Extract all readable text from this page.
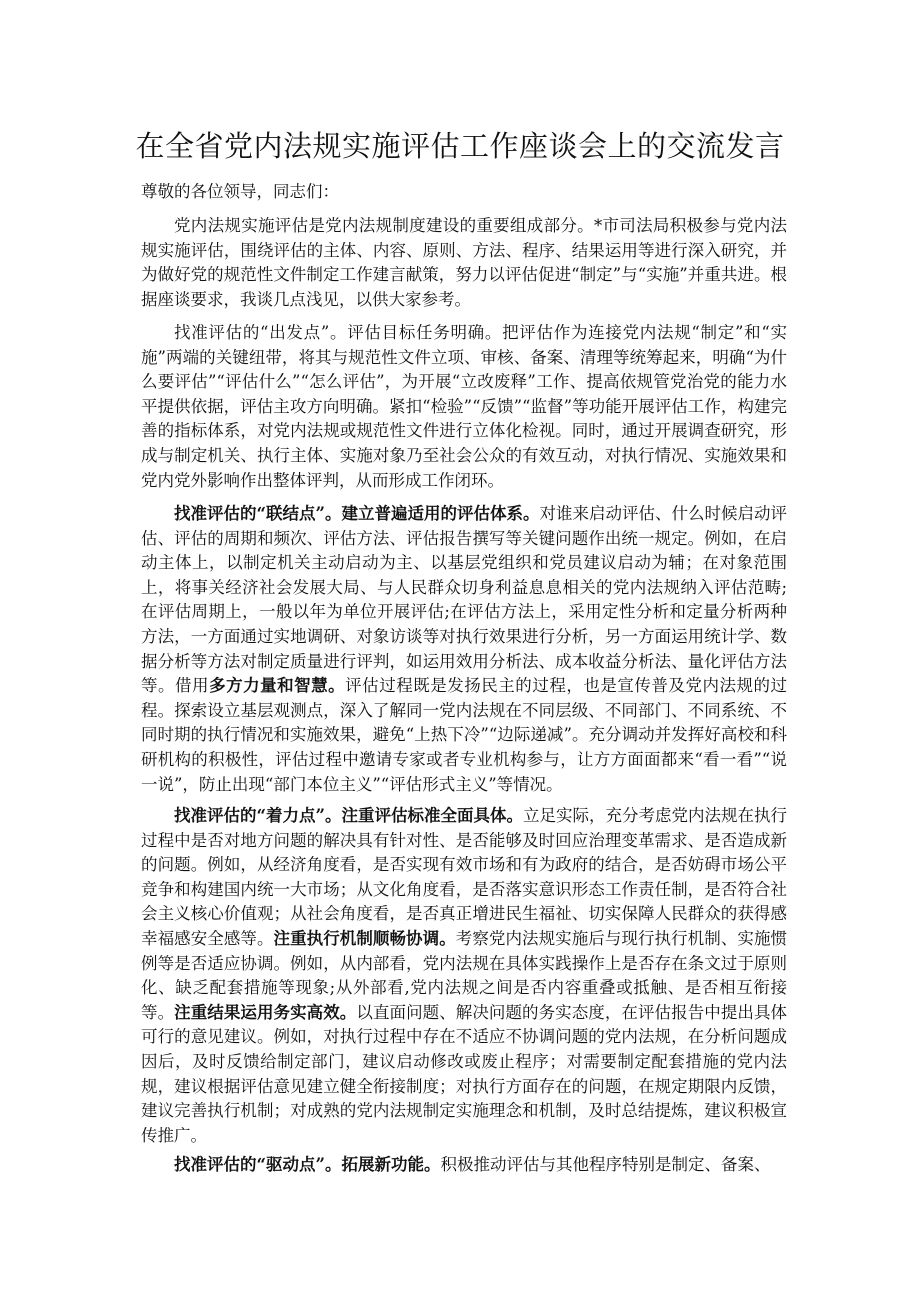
在全省党内法规实施评估工作座谈会上的交流发言
尊敬的各位领导，同志们：

党内法规实施评估是党内法规制度建设的重要组成部分。*市司法局积极参与党内法规实施评估，围绕评估的主体、内容、原则、方法、程序、结果运用等进行深入研究，并为做好党的规范性文件制定工作建言献策，努力以评估促进“制定”与“实施”并重共进。根据座谈要求，我谈几点浅见，以供大家参考。

找准评估的“出发点”。评估目标任务明确。把评估作为连接党内法规“制定”和“实施”两端的关键纽带，将其与规范性文件立项、审核、备案、清理等统筹起来，明确“为什么要评估”“评估什么”“怎么评估”，为开展“立改废释”工作、提高依规管党治党的能力水平提供依据，评估主攻方向明确。紧扣“检验”“反馈”“监督”等功能开展评估工作，构建完善的指标体系，对党内法规或规范性文件进行立体化检视。同时，通过开展调查研究，形成与制定机关、执行主体、实施对象乃至社会公众的有效互动，对执行情况、实施效果和党内党外影响作出整体评判，从而形成工作闭环。

找准评估的“联结点”。建立普遍适用的评估体系。对谁来启动评估、什么时候启动评估、评估的周期和频次、评估方法、评估报告撰写等关键问题作出统一规定。例如，在启动主体上，以制定机关主动启动为主、以基层党组织和党员建议启动为辅；在对象范围上，将事关经济社会发展大局、与人民群众切身利益息息相关的党内法规纳入评估范畴;在评估周期上，一般以年为单位开展评估;在评估方法上，采用定性分析和定量分析两种方法，一方面通过实地调研、对象访谈等对执行效果进行分析，另一方面运用统计学、数据分析等方法对制定质量进行评判，如运用效用分析法、成本收益分析法、量化评估方法等。借用多方力量和智慧。评估过程既是发扬民主的过程，也是宣传普及党内法规的过程。探索设立基层观测点，深入了解同一党内法规在不同层级、不同部门、不同系统、不同时期的执行情况和实施效果，避免“上热下冷”“边际递减”。充分调动并发挥好高校和科研机构的积极性，评估过程中邀请专家或者专业机构参与，让方方面面都来“看一看”“说一说”，防止出现“部门本位主义”“评估形式主义”等情况。

找准评估的“着力点”。注重评估标准全面具体。立足实际，充分考虑党内法规在执行过程中是否对地方问题的解决具有针对性、是否能够及时回应治理变革需求、是否造成新的问题。例如，从经济角度看，是否实现有效市场和有为政府的结合，是否妨碍市场公平竞争和构建国内统一大市场；从文化角度看，是否落实意识形态工作责任制，是否符合社会主义核心价值观；从社会角度看，是否真正增进民生福祉、切实保障人民群众的获得感幸福感安全感等。注重执行机制顺畅协调。考察党内法规实施后与现行执行机制、实施惯例等是否适应协调。例如，从内部看，党内法规在具体实践操作上是否存在条文过于原则化、缺乏配套措施等现象;从外部看,党内法规之间是否内容重叠或抵触、是否相互衔接等。注重结果运用务实高效。以直面问题、解决问题的务实态度，在评估报告中提出具体可行的意见建议。例如，对执行过程中存在不适应不协调问题的党内法规，在分析问题成因后，及时反馈给制定部门，建议启动修改或废止程序；对需要制定配套措施的党内法规，建议根据评估意见建立健全衔接制度；对执行方面存在的问题，在规定期限内反馈，建议完善执行机制；对成熟的党内法规制定实施理念和机制，及时总结提炼，建议积极宣传推广。

找准评估的“驱动点”。拓展新功能。积极推动评估与其他程序特别是制定、备案、
